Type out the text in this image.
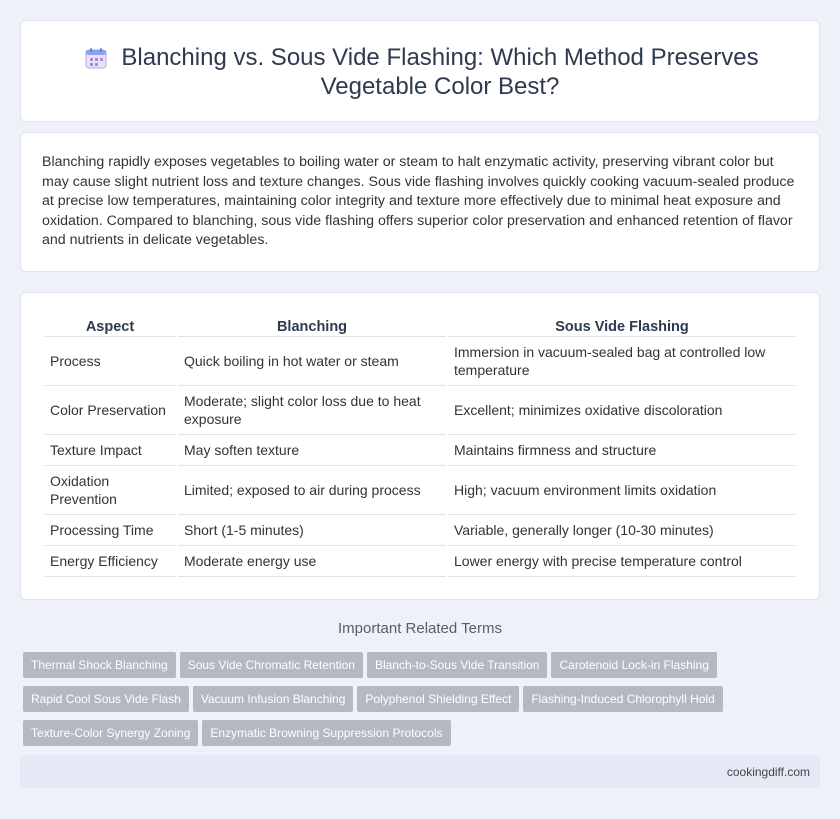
Blanching vs. Sous Vide Flashing: Which Method Preserves Vegetable Color Best?

Blanching rapidly exposes vegetables to boiling water or steam to halt enzymatic activity, preserving vibrant color but may cause slight nutrient loss and texture changes. Sous vide flashing involves quickly cooking vacuum-sealed produce at precise low temperatures, maintaining color integrity and texture more effectively due to minimal heat exposure and oxidation. Compared to blanching, sous vide flashing offers superior color preservation and enhanced retention of flavor and nutrients in delicate vegetables.

Aspect	Blanching	Sous Vide Flashing
Process	Quick boiling in hot water or steam	Immersion in vacuum-sealed bag at controlled low temperature
Color Preservation	Moderate; slight color loss due to heat exposure	Excellent; minimizes oxidative discoloration
Texture Impact	May soften texture	Maintains firmness and structure
Oxidation Prevention	Limited; exposed to air during process	High; vacuum environment limits oxidation
Processing Time	Short (1-5 minutes)	Variable, generally longer (10-30 minutes)
Energy Efficiency	Moderate energy use	Lower energy with precise temperature control
Important Related Terms
Thermal Shock Blanching Sous Vide Chromatic Retention Blanch-to-Sous Vide Transition Carotenoid Lock-in Flashing
Rapid Cool Sous Vide Flash Vacuum Infusion Blanching Polyphenol Shielding Effect Flashing-Induced Chlorophyll Hold
Texture-Color Synergy Zoning Enzymatic Browning Suppression Protocols
cookingdiff.com
